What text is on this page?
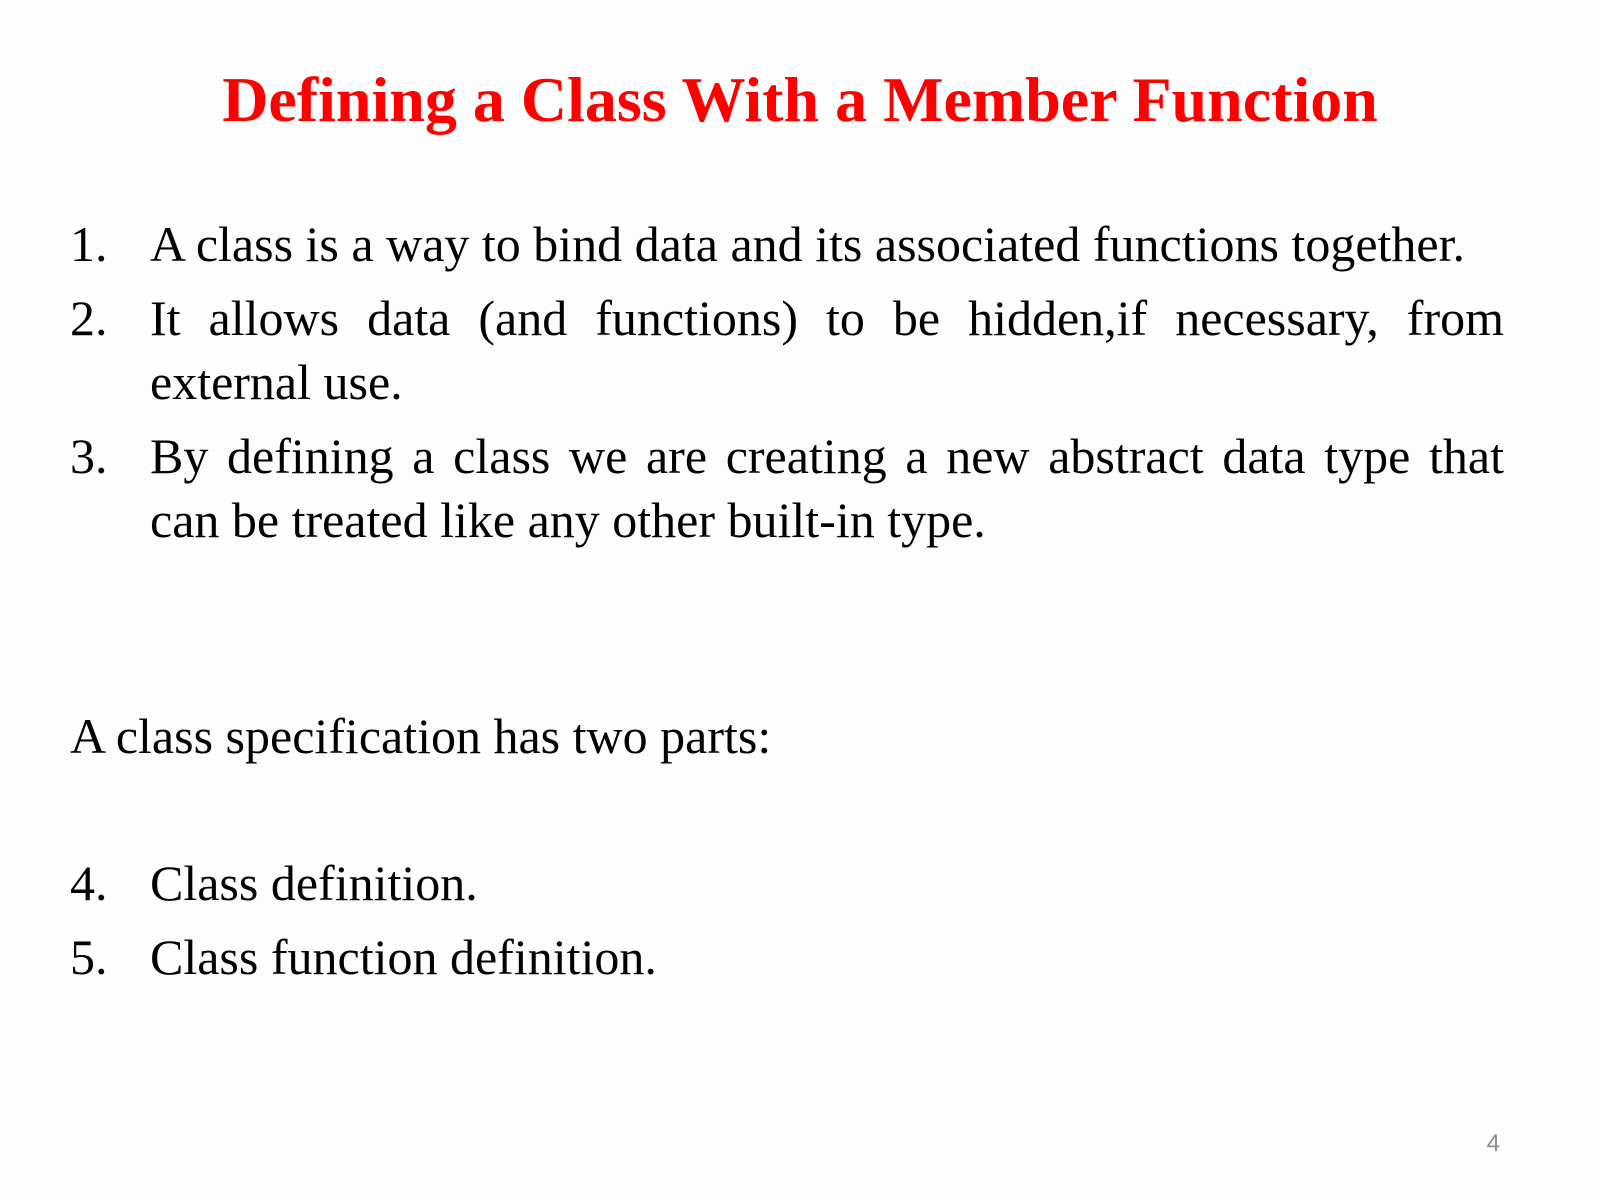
Defining a Class With a Member Function
1. A class is a way to bind data and its associated functions together.
2. It allows data (and functions) to be hidden,if necessary, from external use.
3. By defining a class we are creating a new abstract data type that can be treated like any other built-in type.

A class specification has two parts:

4. Class definition.
5. Class function definition.
4
